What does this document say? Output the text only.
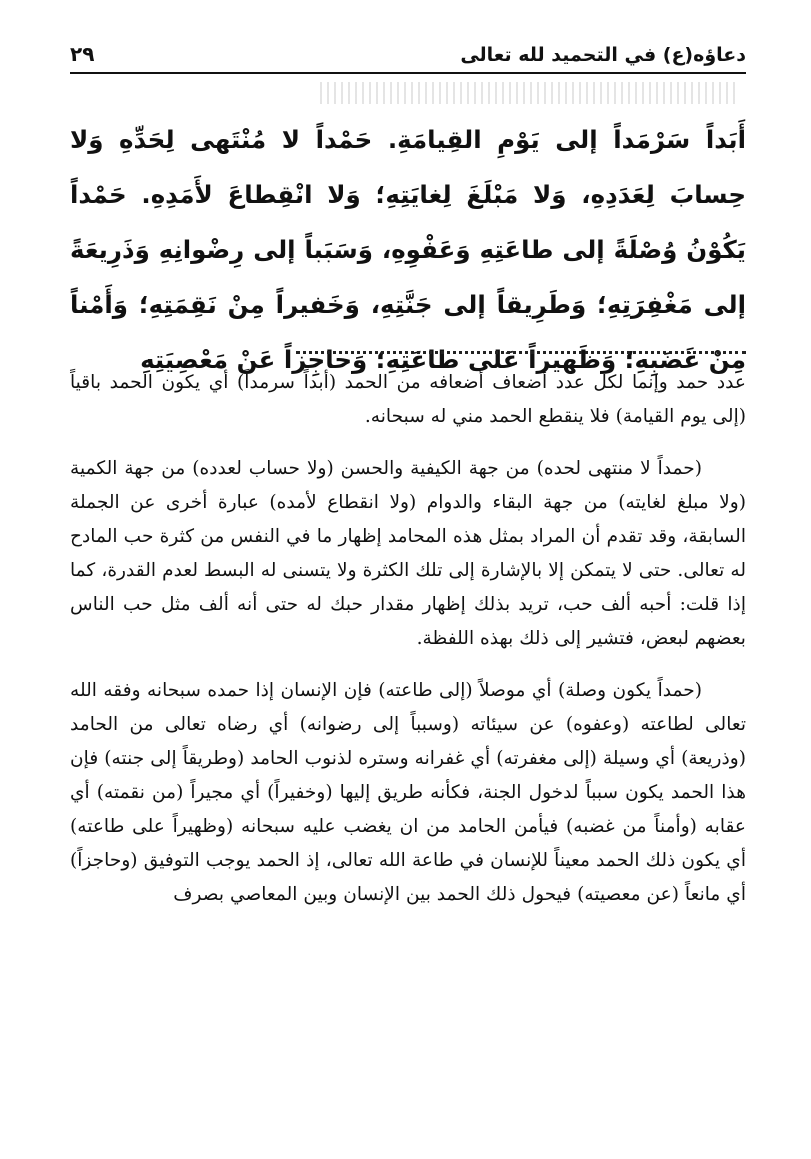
دعاؤه(ع) في التحميد لله تعالى
٢٩
أَبَداً سَرْمَداً إلى يَوْمِ القِيامَةِ. حَمْداً لا مُنْتَهى لِحَدِّهِ وَلا حِسابَ لِعَدَدِهِ، وَلا مَبْلَغَ لِغايَتِهِ؛ وَلا انْقِطاعَ لأَمَدِهِ. حَمْداً يَكُوْنُ وُصْلَةً إلى طاعَتِهِ وَعَفْوِهِ، وَسَبَباً إلى رِضْوانِهِ وَذَرِيعَةً إلى مَغْفِرَتِهِ؛ وَطَرِيقاً إلى جَنَّتِهِ، وَخَفيراً مِنْ نَقِمَتِهِ؛ وَأَمْناً مِنْ غَضَبِهِ؛ وَظَهيراً عَلى طاعَتِهِ؛ وَحاجِزاً عَنْ مَعْصِيَتِهِ

عدد حمد وإنما لكل عدد أضعاف أضعافه من الحمد (أبداً سرمداً) أي يكون الحمد باقياً (إلى يوم القيامة) فلا ينقطع الحمد مني له سبحانه.

(حمداً لا منتهى لحده) من جهة الكيفية والحسن (ولا حساب لعدده) من جهة الكمية (ولا مبلغ لغايته) من جهة البقاء والدوام (ولا انقطاع لأمده) عبارة أخرى عن الجملة السابقة، وقد تقدم أن المراد بمثل هذه المحامد إظهار ما في النفس من كثرة حب المادح له تعالى. حتى لا يتمكن إلا بالإشارة إلى تلك الكثرة ولا يتسنى له البسط لعدم القدرة، كما إذا قلت: أحبه ألف حب، تريد بذلك إظهار مقدار حبك له حتى أنه ألف مثل حب الناس بعضهم لبعض، فتشير إلى ذلك بهذه اللفظة.

(حمداً يكون وصلة) أي موصلاً (إلى طاعته) فإن الإنسان إذا حمده سبحانه وفقه الله تعالى لطاعته (وعفوه) عن سيئاته (وسبباً إلى رضوانه) أي رضاه تعالى من الحامد (وذريعة) أي وسيلة (إلى مغفرته) أي غفرانه وستره لذنوب الحامد (وطريقاً إلى جنته) فإن هذا الحمد يكون سبباً لدخول الجنة، فكأنه طريق إليها (وخفيراً) أي مجيراً (من نقمته) أي عقابه (وأمناً من غضبه) فيأمن الحامد من ان يغضب عليه سبحانه (وظهيراً على طاعته) أي يكون ذلك الحمد معيناً للإنسان في طاعة الله تعالى، إذ الحمد يوجب التوفيق (وحاجزاً) أي مانعاً (عن معصيته) فيحول ذلك الحمد بين الإنسان وبين المعاصي بصرف
